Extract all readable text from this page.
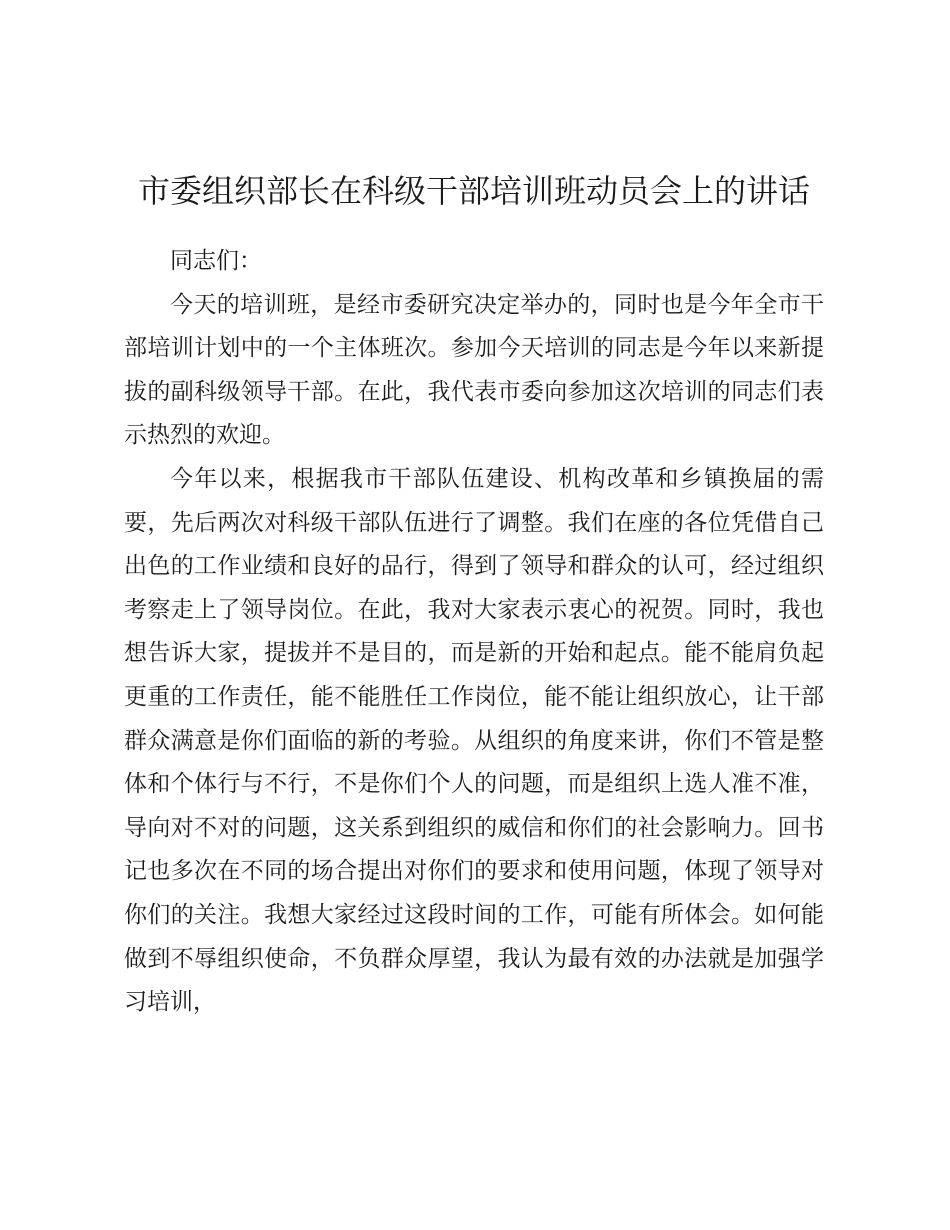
市委组织部长在科级干部培训班动员会上的讲话

同志们：

今天的培训班，是经市委研究决定举办的，同时也是今年全市干部培训计划中的一个主体班次。参加今天培训的同志是今年以来新提拔的副科级领导干部。在此，我代表市委向参加这次培训的同志们表示热烈的欢迎。

今年以来，根据我市干部队伍建设、机构改革和乡镇换届的需要，先后两次对科级干部队伍进行了调整。我们在座的各位凭借自己出色的工作业绩和良好的品行，得到了领导和群众的认可，经过组织考察走上了领导岗位。在此，我对大家表示衷心的祝贺。同时，我也想告诉大家，提拔并不是目的，而是新的开始和起点。能不能肩负起更重的工作责任，能不能胜任工作岗位，能不能让组织放心，让干部群众满意是你们面临的新的考验。从组织的角度来讲，你们不管是整体和个体行与不行，不是你们个人的问题，而是组织上选人准不准，导向对不对的问题，这关系到组织的威信和你们的社会影响力。回书记也多次在不同的场合提出对你们的要求和使用问题，体现了领导对你们的关注。我想大家经过这段时间的工作，可能有所体会。如何能做到不辱组织使命，不负群众厚望，我认为最有效的办法就是加强学习培训，
